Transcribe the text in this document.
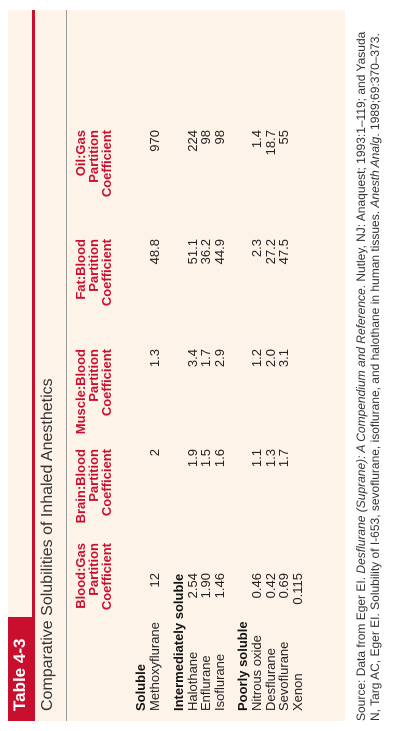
Table 4-3 Comparative Solubilities of Inhaled Anesthetics Blood:Gas
Partition
Coefficient
Brain:Blood
Partition
Coefficient
Muscle:Blood
Partition
Coefficient
Fat:Blood
Partition
Coefficient
Oil:Gas
Partition
Coefficient
Soluble Methoxyflurane
12
2
1.3
48.8
970
Intermediately soluble Halothane
2.54
1.9
3.4
51.1
224
Enflurane
1.90
1.5
1.7
36.2
98
Isoflurane
1.46
1.6
2.9
44.9
98
Poorly soluble Nitrous oxide
0.46
1.1
1.2
2.3
1.4
Desflurane
0.42
1.3
2.0
27.2
18.7
Sevoflurane
0.69
1.7
3.1
47.5
55
Xenon
0.115	Source: Data from Eger EI. Desflurane (Suprane): A Compendium and Reference. Nutley, NJ: Anaquest; 1993:1–119; and Yasuda N, Targ AC, Eger EI. Solubility of I-653, sevoflurane, isoflurane, and halothane in human tissues. Anesth Analg. 1989;69:370–373.
